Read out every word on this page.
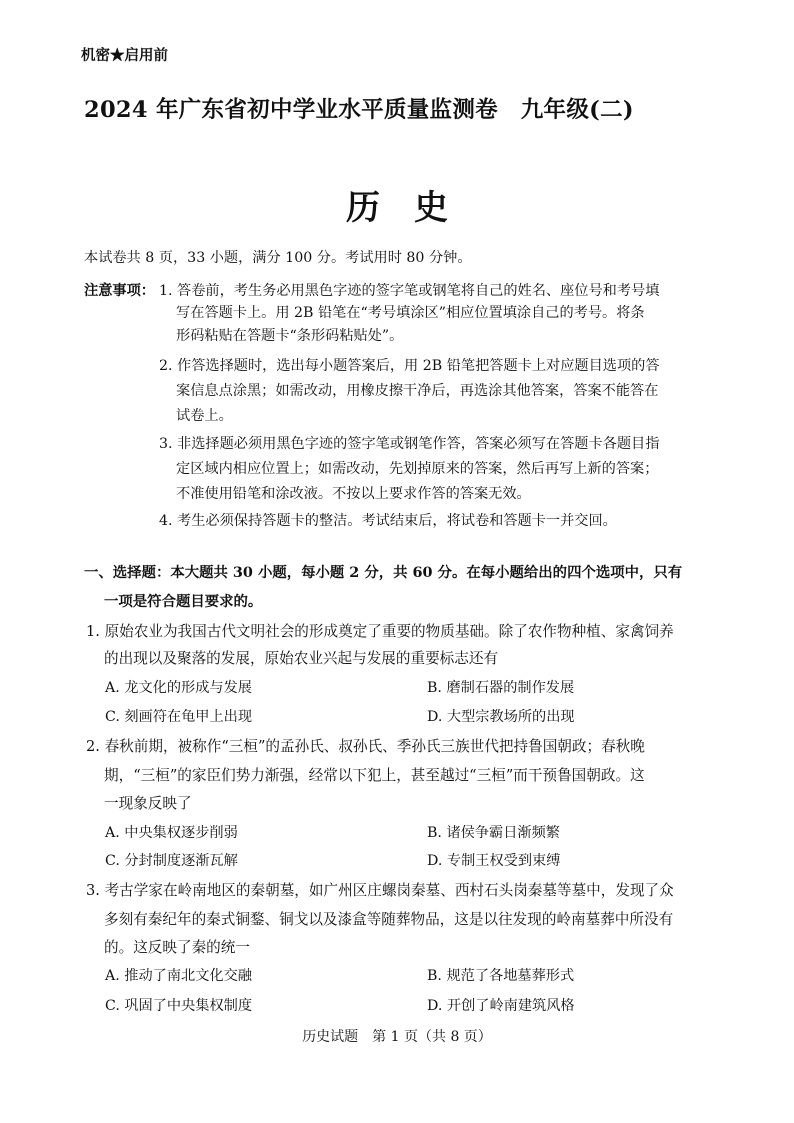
机密★启用前
2024 年广东省初中学业水平质量监测卷　九年级(二)
历史
本试卷共 8 页，33 小题，满分 100 分。考试用时 80 分钟。
注意事项： 1. 答卷前，考生务必用黑色字迹的签字笔或钢笔将自己的姓名、座位号和考号填
写在答题卡上。用 2B 铅笔在“考号填涂区”相应位置填涂自己的考号。将条
形码粘贴在答题卡“条形码粘贴处”。
2. 作答选择题时，选出每小题答案后，用 2B 铅笔把答题卡上对应题目选项的答
案信息点涂黑；如需改动，用橡皮擦干净后，再选涂其他答案，答案不能答在
试卷上。
3. 非选择题必须用黑色字迹的签字笔或钢笔作答，答案必须写在答题卡各题目指
定区域内相应位置上；如需改动，先划掉原来的答案，然后再写上新的答案；
不准使用铅笔和涂改液。不按以上要求作答的答案无效。
4. 考生必须保持答题卡的整洁。考试结束后，将试卷和答题卡一并交回。
一、选择题：本大题共 30 小题，每小题 2 分，共 60 分。在每小题给出的四个选项中，只有
一项是符合题目要求的。
1. 原始农业为我国古代文明社会的形成奠定了重要的物质基础。除了农作物种植、家禽饲养
的出现以及聚落的发展，原始农业兴起与发展的重要标志还有
A. 龙文化的形成与发展	B. 磨制石器的制作发展
C. 刻画符在龟甲上出现	D. 大型宗教场所的出现
2. 春秋前期，被称作“三桓”的孟孙氏、叔孙氏、季孙氏三族世代把持鲁国朝政；春秋晚
期，“三桓”的家臣们势力渐强，经常以下犯上，甚至越过“三桓”而干预鲁国朝政。这
一现象反映了
A. 中央集权逐步削弱	B. 诸侯争霸日渐频繁
C. 分封制度逐渐瓦解	D. 专制王权受到束缚
3. 考古学家在岭南地区的秦朝墓，如广州区庄螺岗秦墓、西村石头岗秦墓等墓中，发现了众
多刻有秦纪年的秦式铜鍪、铜戈以及漆盒等随葬物品，这是以往发现的岭南墓葬中所没有
的。这反映了秦的统一
A. 推动了南北文化交融	B. 规范了各地墓葬形式
C. 巩固了中央集权制度	D. 开创了岭南建筑风格
历史试题　第 1 页（共 8 页）
